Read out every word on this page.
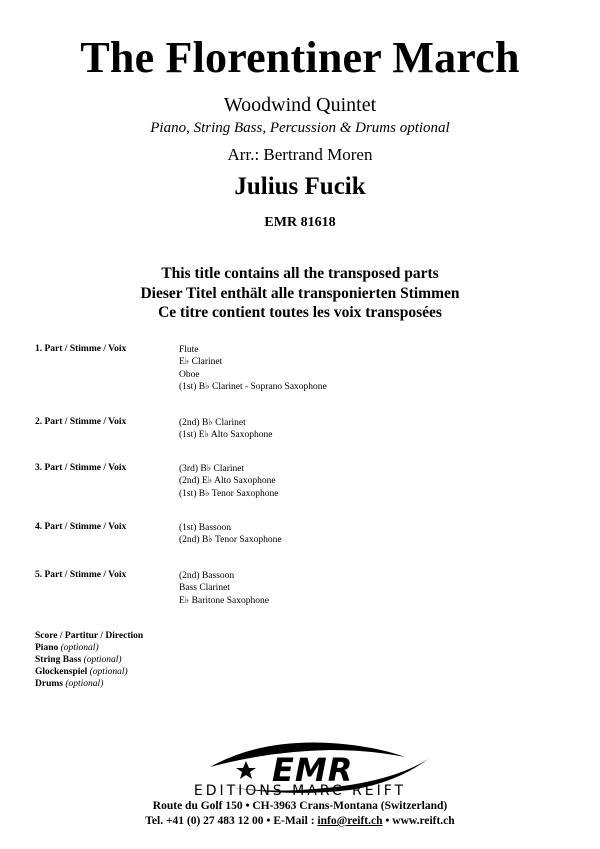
The Florentiner March
Woodwind Quintet
Piano, String Bass, Percussion & Drums optional
Arr.: Bertrand Moren
Julius Fucik
EMR 81618
This title contains all the transposed parts
Dieser Titel enthält alle transponierten Stimmen
Ce titre contient toutes les voix transposées
1. Part / Stimme / Voix	Flute
E♭ Clarinet
Oboe
(1st) B♭ Clarinet - Soprano Saxophone
2. Part / Stimme / Voix	(2nd) B♭ Clarinet
(1st) E♭ Alto Saxophone
3. Part / Stimme / Voix	(3rd) B♭ Clarinet
(2nd) E♭ Alto Saxophone
(1st) B♭ Tenor Saxophone
4. Part / Stimme / Voix	(1st) Bassoon
(2nd) B♭ Tenor Saxophone
5. Part / Stimme / Voix	(2nd) Bassoon
Bass Clarinet
E♭ Baritone Saxophone
Score / Partitur / Direction
Piano (optional)
String Bass (optional)
Glockenspiel (optional)
Drums (optional)
EMR
EDITIONS MARC REIFT
Route du Golf 150 • CH-3963 Crans-Montana (Switzerland)
Tel. +41 (0) 27 483 12 00 • E-Mail : info@reift.ch • www.reift.ch
